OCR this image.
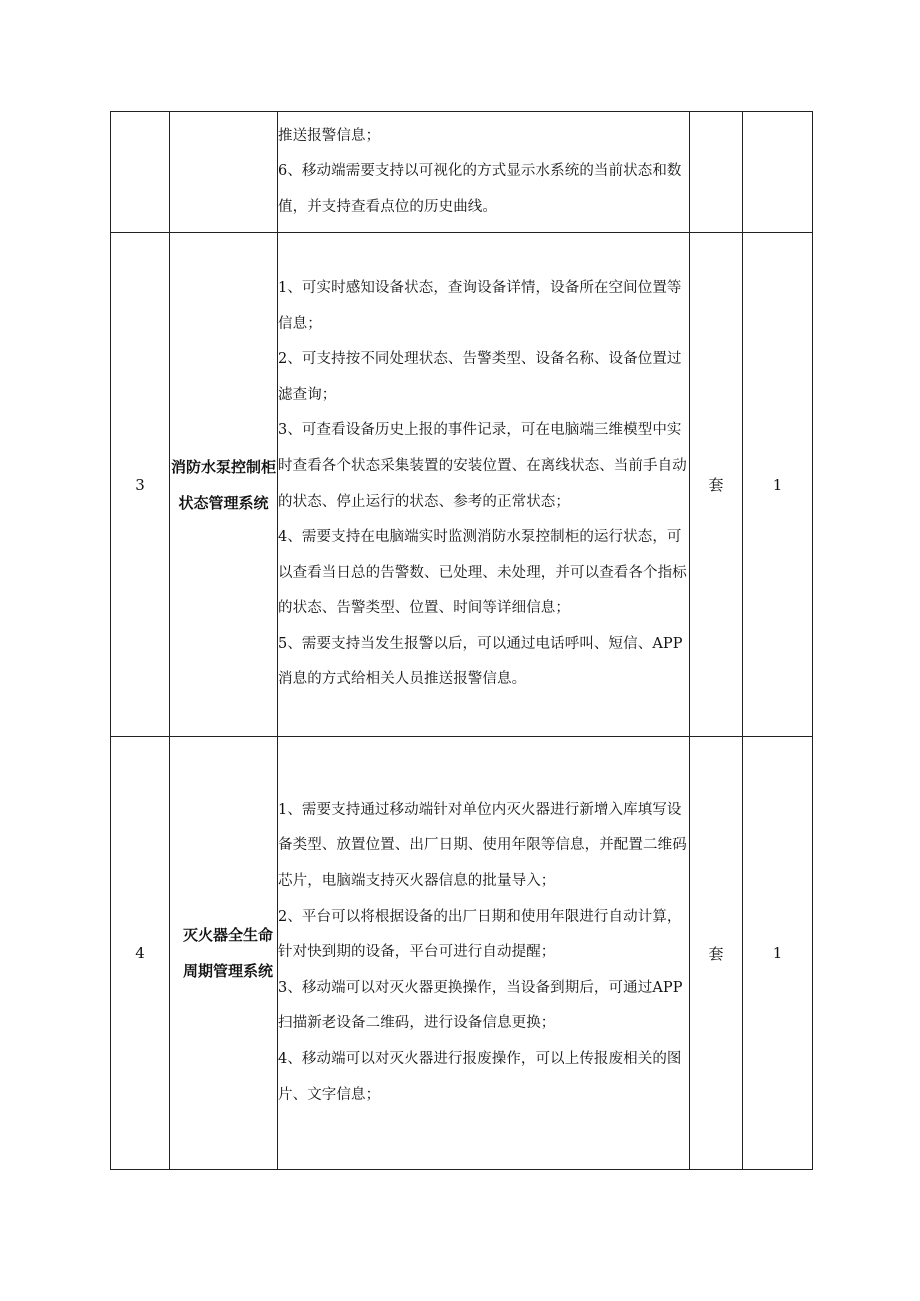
		推送报警信息；

6、移动端需要支持以可视化的方式显示水系统的当前状态和数值，并支持查看点位的历史曲线。		

3	消防水泵控制柜状态管理系统	1、可实时感知设备状态，查询设备详情，设备所在空间位置等信息；

2、可支持按不同处理状态、告警类型、设备名称、设备位置过滤查询；

3、可查看设备历史上报的事件记录，可在电脑端三维模型中实时查看各个状态采集装置的安装位置、在离线状态、当前手自动的状态、停止运行的状态、参考的正常状态；

4、需要支持在电脑端实时监测消防水泵控制柜的运行状态，可以查看当日总的告警数、已处理、未处理，并可以查看各个指标的状态、告警类型、位置、时间等详细信息；

5、需要支持当发生报警以后，可以通过电话呼叫、短信、APP消息的方式给相关人员推送报警信息。	套	1
4	灭火器全生命周期管理系统	1、需要支持通过移动端针对单位内灭火器进行新增入库填写设备类型、放置位置、出厂日期、使用年限等信息，并配置二维码芯片，电脑端支持灭火器信息的批量导入；

2、平台可以将根据设备的出厂日期和使用年限进行自动计算，针对快到期的设备，平台可进行自动提醒；

3、移动端可以对灭火器更换操作，当设备到期后，可通过APP扫描新老设备二维码，进行设备信息更换；

4、移动端可以对灭火器进行报废操作，可以上传报废相关的图片、文字信息；	套	1
